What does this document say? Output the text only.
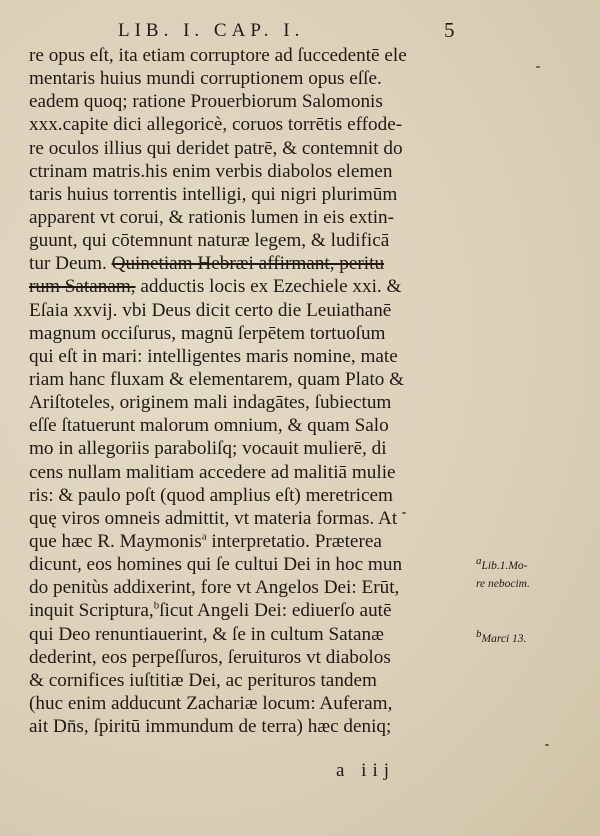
LIB. I. CAP. I.	5
re opus eſt, ita etiam corruptore ad ſuccedentē ele
mentaris huius mundi corruptionem opus eſſe.
eadem quoq; ratione Prouerbiorum Salomonis
xxx.capite dici allegoricè, coruos torrētis effode-
re oculos illius qui deridet patrē, & contemnit do
ctrinam matris.his enim verbis diabolos elemen
taris huius torrentis intelligi, qui nigri plurimūm
apparent vt corui, & rationis lumen in eis extin-
guunt, qui cōtemnunt naturæ legem, & ludificā
tur Deum. Quinetiam Hebræi affirmant, peritu
rum Satanam, adductis locis ex Ezechiele xxi. &
Eſaia xxvij. vbi Deus dicit certo die Leuiathanē
magnum occiſurus, magnū ſerpētem tortuoſum
qui eſt in mari: intelligentes maris nomine, mate
riam hanc fluxam & elementarem, quam Plato &
Ariſtoteles, originem mali indagātes, ſubiectum
eſſe ſtatuerunt malorum omnium, & quam Salo
mo in allegoriis paraboliſq; vocauit mulierē, di
cens nullam malitiam accedere ad malitiā mulie
ris: & paulo poſt (quod amplius eſt) meretricem
quę viros omneis admittit, vt materia formas. At
que hæc R. Maymonis$^a$ interpretatio. Præterea
dicunt, eos homines qui ſe cultui Dei in hoc mun
do penitùs addixerint, fore vt Angelos Dei: Erūt,
inquit Scriptura,$^b$ſicut Angeli Dei: ediuerſo autē
qui Deo renuntiauerint, & ſe in cultum Satanæ
dederint, eos perpeſſuros, ſeruituros vt diabolos
& cornifices iuſtitiæ Dei, ac perituros tandem
(huc enim adducunt Zachariæ locum: Auferam,
ait Dn̄s, ſpiritū immundum de terra) hæc deniq;
aLib.1.Mo-
re nebocim.
bMarci 13.
a iij
